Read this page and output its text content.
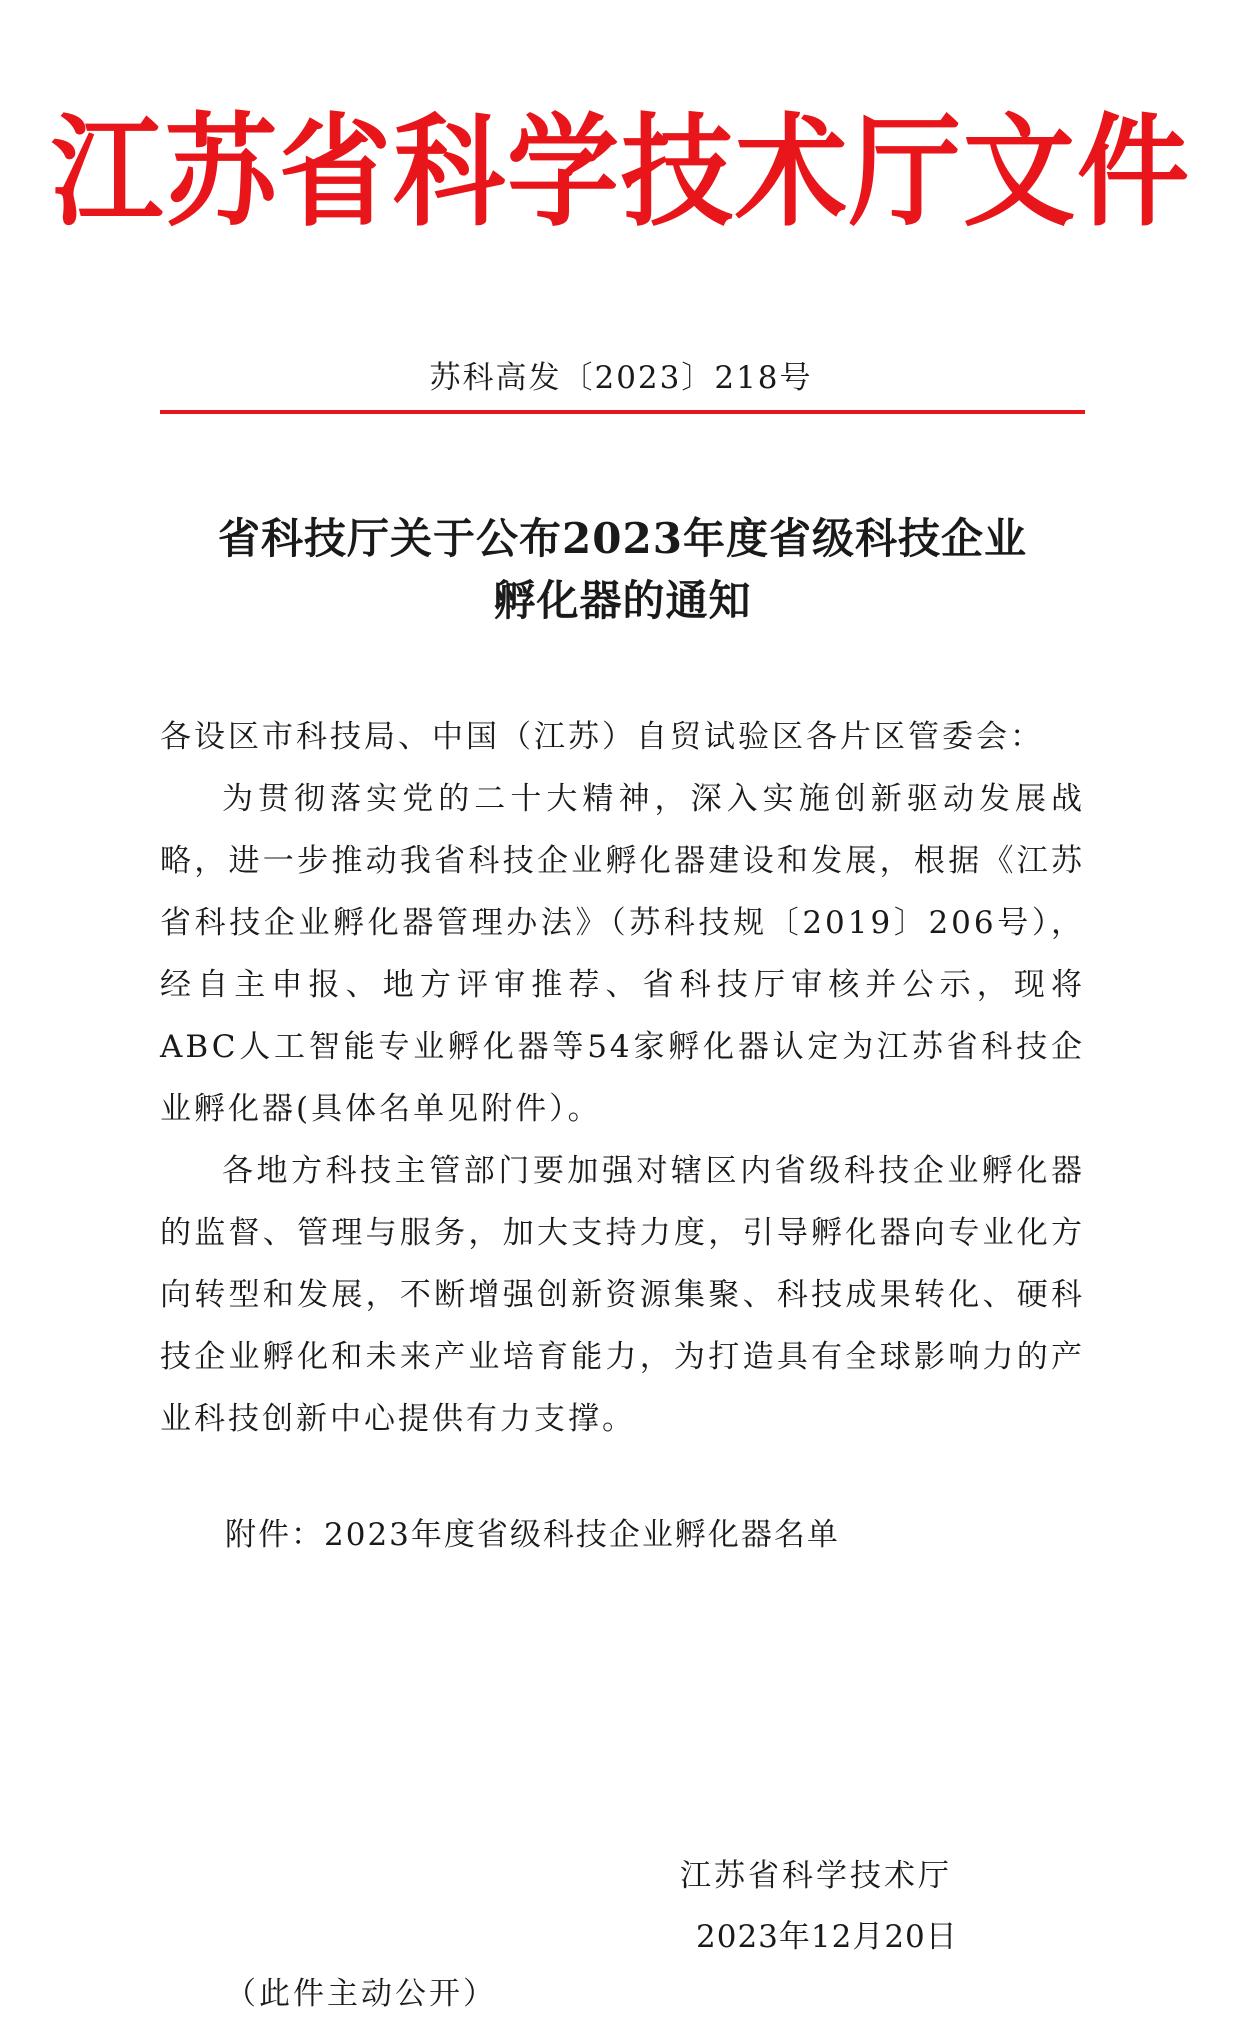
江苏省科学技术厅文件
苏科高发〔2023〕218号
省科技厅关于公布2023年度省级科技企业
孵化器的通知

各设区市科技局、中国（江苏）自贸试验区各片区管委会：

为贯彻落实党的二十大精神，深入实施创新驱动发展战略，进一步推动我省科技企业孵化器建设和发展，根据《江苏省科技企业孵化器管理办法》（苏科技规〔2019〕206号），经自主申报、地方评审推荐、省科技厅审核并公示，现将ABC人工智能专业孵化器等54家孵化器认定为江苏省科技企业孵化器(具体名单见附件）。

各地方科技主管部门要加强对辖区内省级科技企业孵化器的监督、管理与服务，加大支持力度，引导孵化器向专业化方向转型和发展，不断增强创新资源集聚、科技成果转化、硬科技企业孵化和未来产业培育能力，为打造具有全球影响力的产业科技创新中心提供有力支撑。

附件：2023年度省级科技企业孵化器名单
江苏省科学技术厅
2023年12月20日
（此件主动公开）
